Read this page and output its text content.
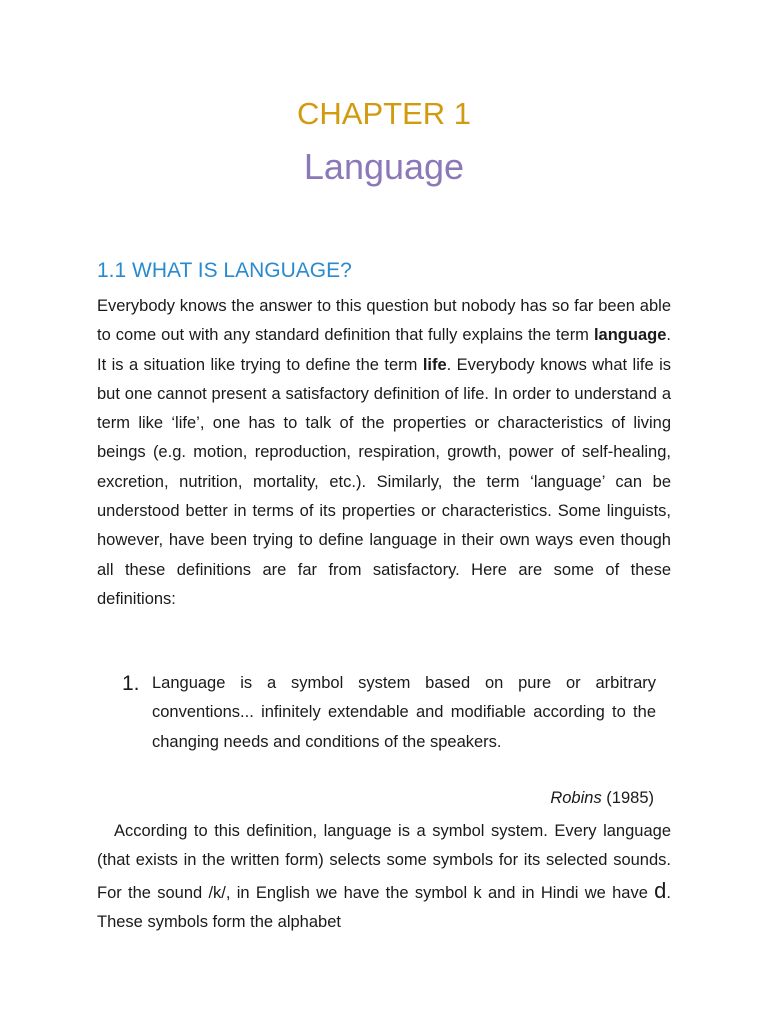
CHAPTER 1
Language
1.1 WHAT IS LANGUAGE?

Everybody knows the answer to this question but nobody has so far been able to come out with any standard definition that fully explains the term language. It is a situation like trying to define the term life. Everybody knows what life is but one cannot present a satisfactory definition of life. In order to understand a term like ‘life’, one has to talk of the properties or characteristics of living beings (e.g. motion, reproduction, respiration, growth, power of self-healing, excretion, nutrition, mortality, etc.). Similarly, the term ‘language’ can be understood better in terms of its properties or characteristics. Some linguists, however, have been trying to define language in their own ways even though all these definitions are far from satisfactory. Here are some of these definitions:

1. Language is a symbol system based on pure or arbitrary conventions... infinitely extendable and modifiable according to the changing needs and conditions of the speakers.

Robins (1985)

According to this definition, language is a symbol system. Every language (that exists in the written form) selects some symbols for its selected sounds. For the sound /k/, in English we have the symbol k and in Hindi we have d. These symbols form the alphabet
